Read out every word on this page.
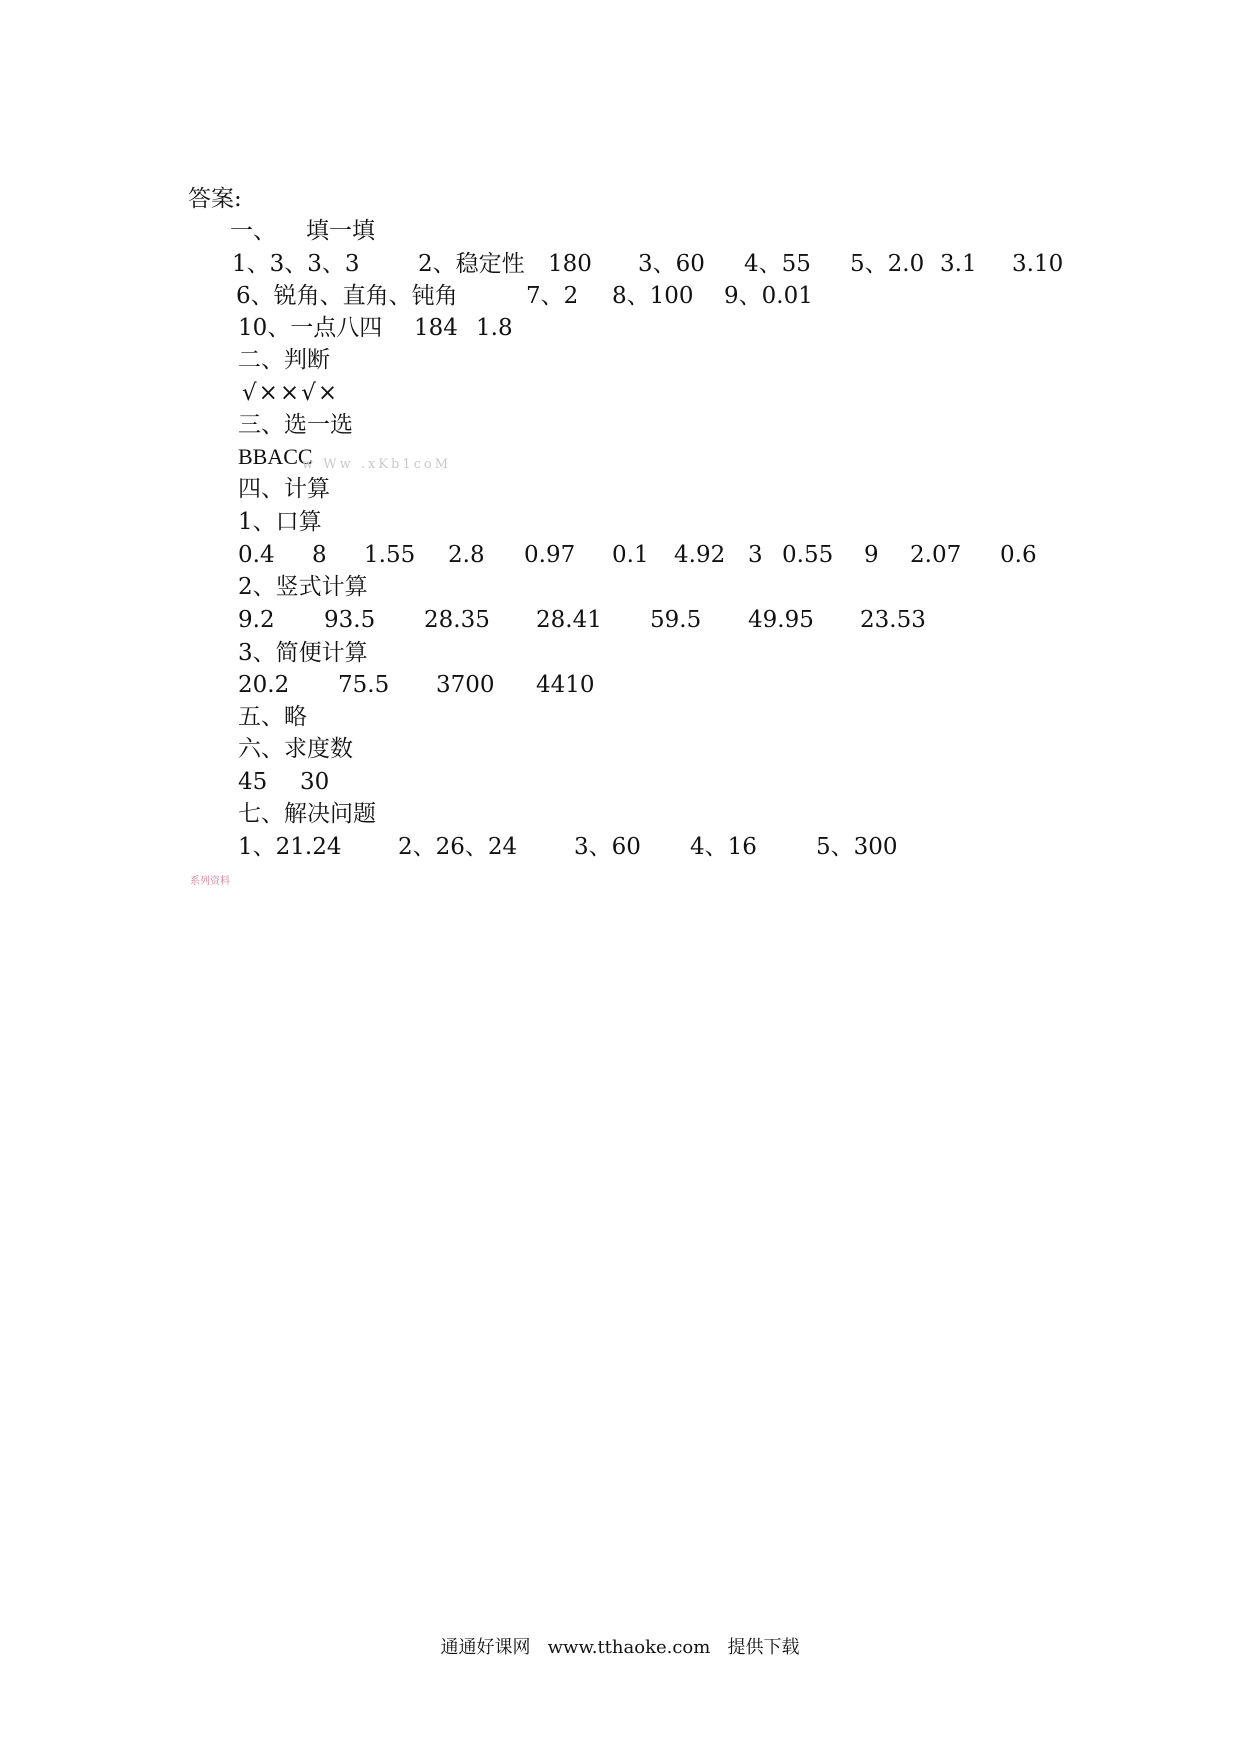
答案:
一、 填一填
1、3、3、3	2、稳定性 180 3、60 4、55 5、2.0 3.1 3.10
6、锐角、直角、钝角	7、2 8、100 9、0.01
10、一点八四 184 1.8
二、判断
√××√×
三、选一选
BBACC
w Ww .xKb1coM
四、计算
1、口算
0.4 8 1.55 2.8 0.97 0.1 4.92 3 0.55 9 2.07 0.6
2、竖式计算
9.2 93.5 28.35 28.41 59.5 49.95 23.53
3、简便计算
20.2 75.5 3700 4410
五、略
六、求度数
45 30
七、解决问题
1、21.24 2、26、24 3、60 4、16	5、300
系列资料
通通好课网   www.tthaoke.com   提供下载
